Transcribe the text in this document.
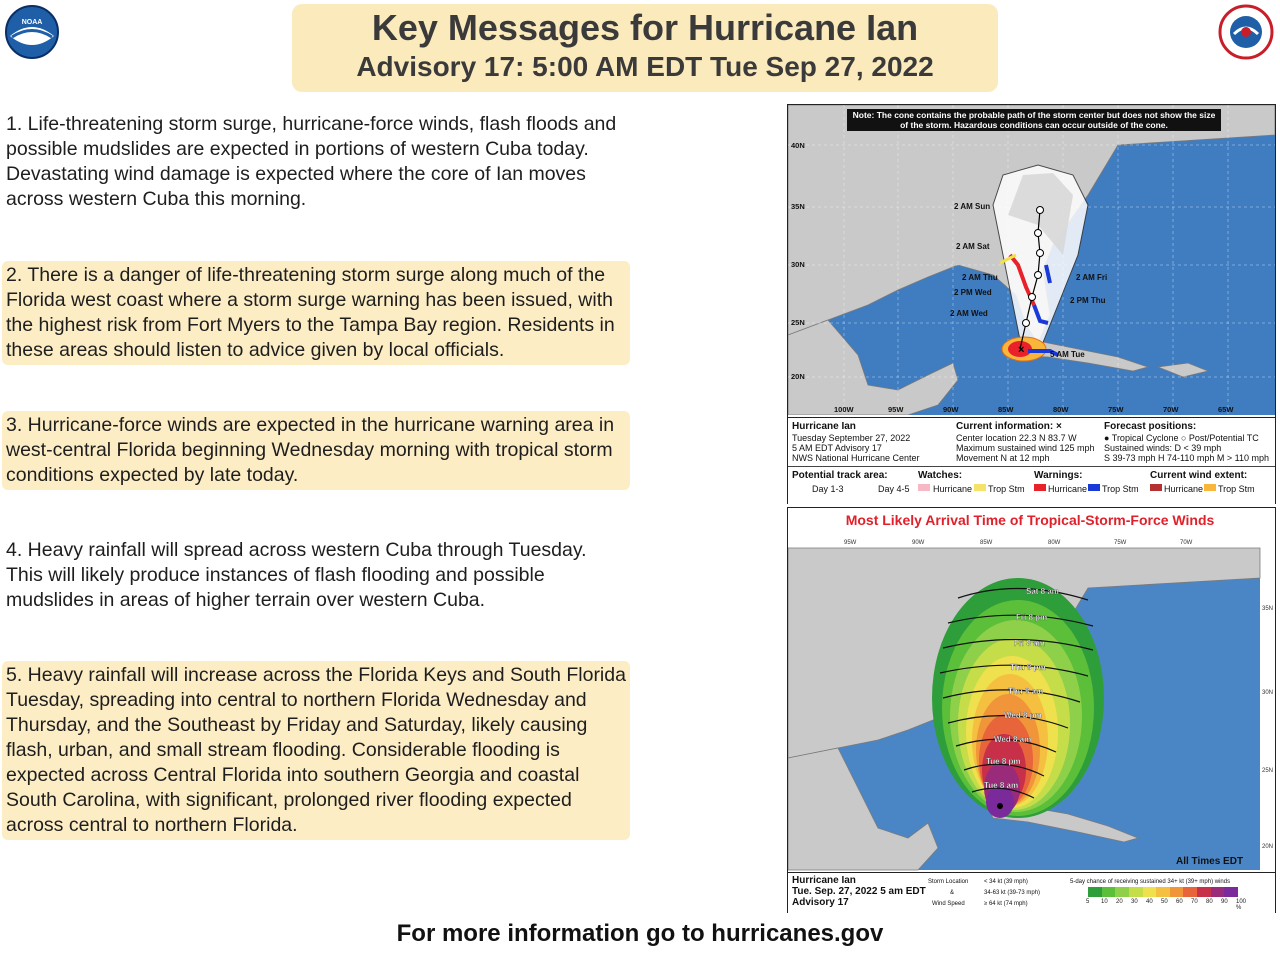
Key Messages for Hurricane Ian
Advisory 17: 5:00 AM EDT Tue Sep 27, 2022
NOAA
1. Life-threatening storm surge, hurricane-force winds, flash floods and possible mudslides are expected in portions of western Cuba today. Devastating wind damage is expected where the core of Ian moves across western Cuba this morning.
2. There is a danger of life-threatening storm surge along much of the Florida west coast where a storm surge warning has been issued, with the highest risk from Fort Myers to the Tampa Bay region. Residents in these areas should listen to advice given by local officials.
3. Hurricane-force winds are expected in the hurricane warning area in west-central Florida beginning Wednesday morning with tropical storm conditions expected by late today.
4. Heavy rainfall will spread across western Cuba through Tuesday. This will likely produce instances of flash flooding and possible mudslides in areas of higher terrain over western Cuba.
5. Heavy rainfall will increase across the Florida Keys and South Florida Tuesday, spreading into central to northern Florida Wednesday and Thursday, and the Southeast by Friday and Saturday, likely causing flash, urban, and small stream flooding. Considerable flooding is expected across Central Florida into southern Georgia and coastal South Carolina, with significant, prolonged river flooding expected across central to northern Florida.
×
40N
35N
30N
25N
20N
100W	95W	90W	85W	80W	75W	70W	65W
2 AM Sun
2 AM Sat
2 AM Thu	2 AM Fri
2 PM Wed
2 PM Thu
2 AM Wed
5 AM Tue
Hurricane Ian
Tuesday September 27, 2022
5 AM EDT Advisory 17
NWS National Hurricane Center
Current information: ×
Center location 22.3 N 83.7 W
Maximum sustained wind 125 mph
Movement N at 12 mph
Forecast positions:
● Tropical Cyclone ○ Post/Potential TC
Sustained winds: D < 39 mph
S 39-73 mph H 74-110 mph M > 110 mph
Potential track area:
Day 1-3	Day 4-5
Watches:
Hurricane Trop Stm
Warnings:
Hurricane Trop Stm
Current wind extent:
Hurricane Trop Stm
Note: The cone contains the probable path of the storm center but does not show the size of the storm. Hazardous conditions can occur outside of the cone.
Sat 8 am
Fri 8 pm
Fri 8 am
Thu 8 pm
Thu 8 am
Wed 8 pm
Wed 8 am
Tue 8 pm
Tue 8 am
95W	90W	85W	80W	75W	70W
35N
30N
25N
20N
All Times EDT
Hurricane Ian
Tue. Sep. 27, 2022 5 am EDT
Advisory 17
Storm Location
&
Wind Speed
< 34 kt (39 mph)
34-63 kt (39-73 mph)
≥ 64 kt (74 mph)
5-day chance of receiving sustained 34+ kt (39+ mph) winds
5 10 20 30 40 50 60 70 80 90 100 %
Most Likely Arrival Time of Tropical-Storm-Force Winds
For more information go to hurricanes.gov
